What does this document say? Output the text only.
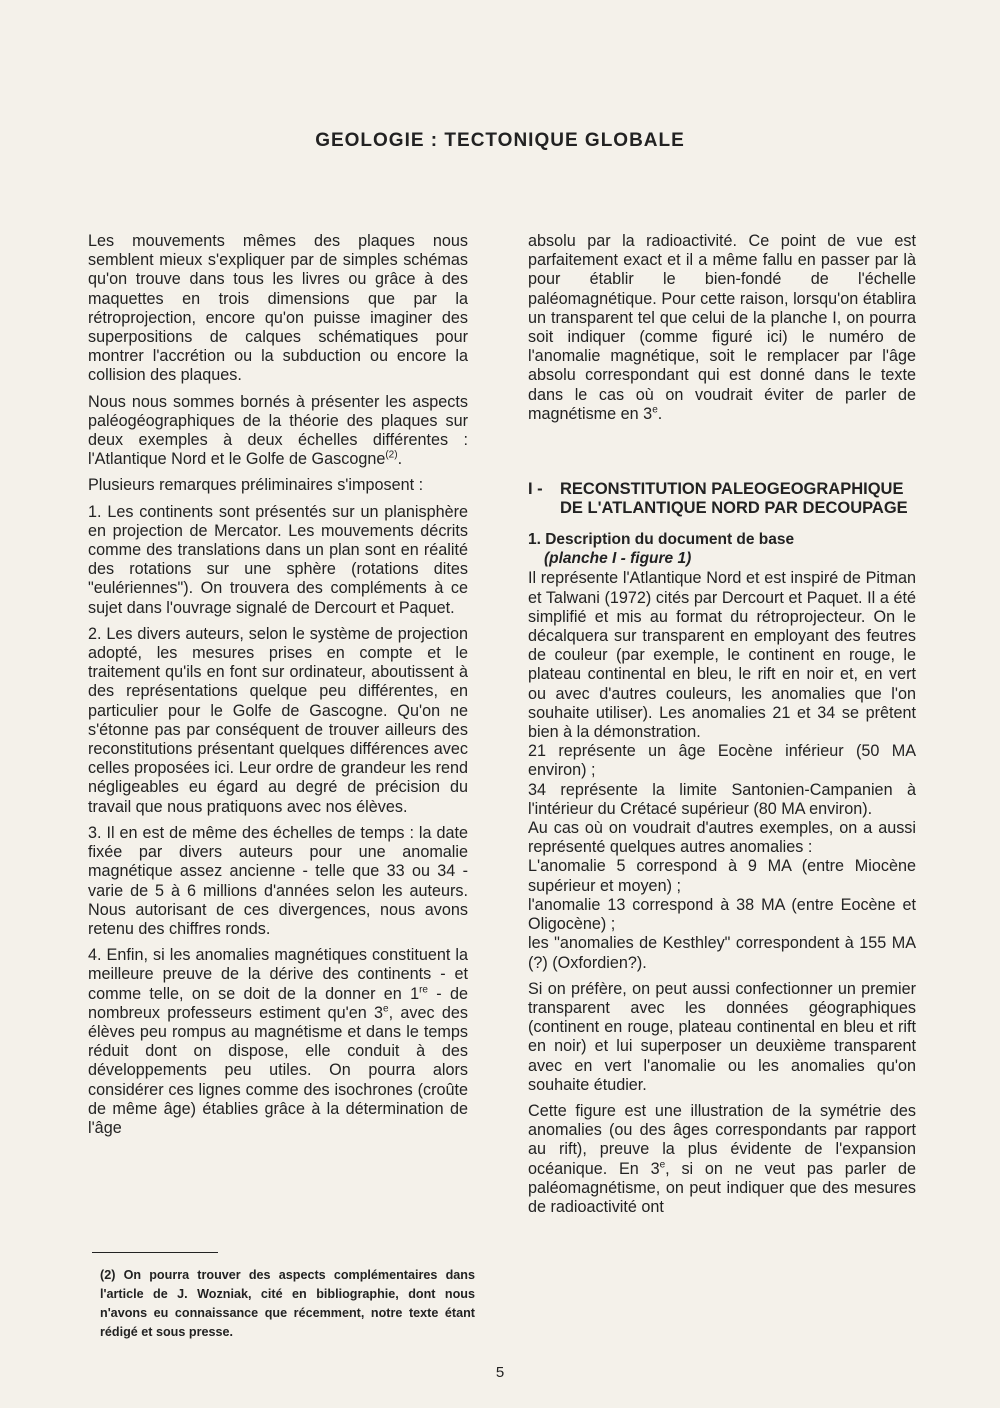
GEOLOGIE : TECTONIQUE GLOBALE

Les mouvements mêmes des plaques nous semblent mieux s'expliquer par de simples schémas qu'on trouve dans tous les livres ou grâce à des maquettes en trois dimensions que par la rétroprojection, encore qu'on puisse imaginer des superpositions de calques schématiques pour montrer l'accrétion ou la subduction ou encore la collision des plaques.

Nous nous sommes bornés à présenter les aspects paléogéographiques de la théorie des plaques sur deux exemples à deux échelles différentes : l'Atlantique Nord et le Golfe de Gascogne$^{(2)}$.

Plusieurs remarques préliminaires s'imposent :

1. Les continents sont présentés sur un planisphère en projection de Mercator. Les mouvements décrits comme des translations dans un plan sont en réalité des rotations sur une sphère (rotations dites "eulériennes"). On trouvera des compléments à ce sujet dans l'ouvrage signalé de Dercourt et Paquet.

2. Les divers auteurs, selon le système de projection adopté, les mesures prises en compte et le traitement qu'ils en font sur ordinateur, aboutissent à des représentations quelque peu différentes, en particulier pour le Golfe de Gascogne. Qu'on ne s'étonne pas par conséquent de trouver ailleurs des reconstitutions présentant quelques différences avec celles proposées ici. Leur ordre de grandeur les rend négligeables eu égard au degré de précision du travail que nous pratiquons avec nos élèves.

3. Il en est de même des échelles de temps : la date fixée par divers auteurs pour une anomalie magnétique assez ancienne - telle que 33 ou 34 - varie de 5 à 6 millions d'années selon les auteurs. Nous autorisant de ces divergences, nous avons retenu des chiffres ronds.

4. Enfin, si les anomalies magnétiques constituent la meilleure preuve de la dérive des continents - et comme telle, on se doit de la donner en 1re - de nombreux professeurs estiment qu'en 3e, avec des élèves peu rompus au magnétisme et dans le temps réduit dont on dispose, elle conduit à des développements peu utiles. On pourra alors considérer ces lignes comme des isochrones (croûte de même âge) établies grâce à la détermination de l'âge

absolu par la radioactivité. Ce point de vue est parfaitement exact et il a même fallu en passer par là pour établir le bien-fondé de l'échelle paléomagnétique. Pour cette raison, lorsqu'on établira un transparent tel que celui de la planche I, on pourra soit indiquer (comme figuré ici) le numéro de l'anomalie magnétique, soit le remplacer par l'âge absolu correspondant qui est donné dans le texte dans le cas où on voudrait éviter de parler de magnétisme en 3e.

I - RECONSTITUTION PALEOGEOGRAPHIQUE DE L'ATLANTIQUE NORD PAR DECOUPAGE

1. Description du document de base

(planche I - figure 1)

Il représente l'Atlantique Nord et est inspiré de Pitman et Talwani (1972) cités par Dercourt et Paquet. Il a été simplifié et mis au format du rétroprojecteur. On le décalquera sur transparent en employant des feutres de couleur (par exemple, le continent en rouge, le plateau continental en bleu, le rift en noir et, en vert ou avec d'autres couleurs, les anomalies que l'on souhaite utiliser). Les anomalies 21 et 34 se prêtent bien à la démonstration.

21 représente un âge Eocène inférieur (50 MA environ) ;

34 représente la limite Santonien-Campanien à l'intérieur du Crétacé supérieur (80 MA environ).

Au cas où on voudrait d'autres exemples, on a aussi représenté quelques autres anomalies :

L'anomalie 5 correspond à 9 MA (entre Miocène supérieur et moyen) ;

l'anomalie 13 correspond à 38 MA (entre Eocène et Oligocène) ;

les "anomalies de Kesthley" correspondent à 155 MA (?) (Oxfordien?).

Si on préfère, on peut aussi confectionner un premier transparent avec les données géographiques (continent en rouge, plateau continental en bleu et rift en noir) et lui superposer un deuxième transparent avec en vert l'anomalie ou les anomalies qu'on souhaite étudier.

Cette figure est une illustration de la symétrie des anomalies (ou des âges correspondants par rapport au rift), preuve la plus évidente de l'expansion océanique. En 3e, si on ne veut pas parler de paléomagnétisme, on peut indiquer que des mesures de radioactivité ont

(2) On pourra trouver des aspects complémentaires dans l'article de J. Wozniak, cité en bibliographie, dont nous n'avons eu connaissance que récemment, notre texte étant rédigé et sous presse.
5
